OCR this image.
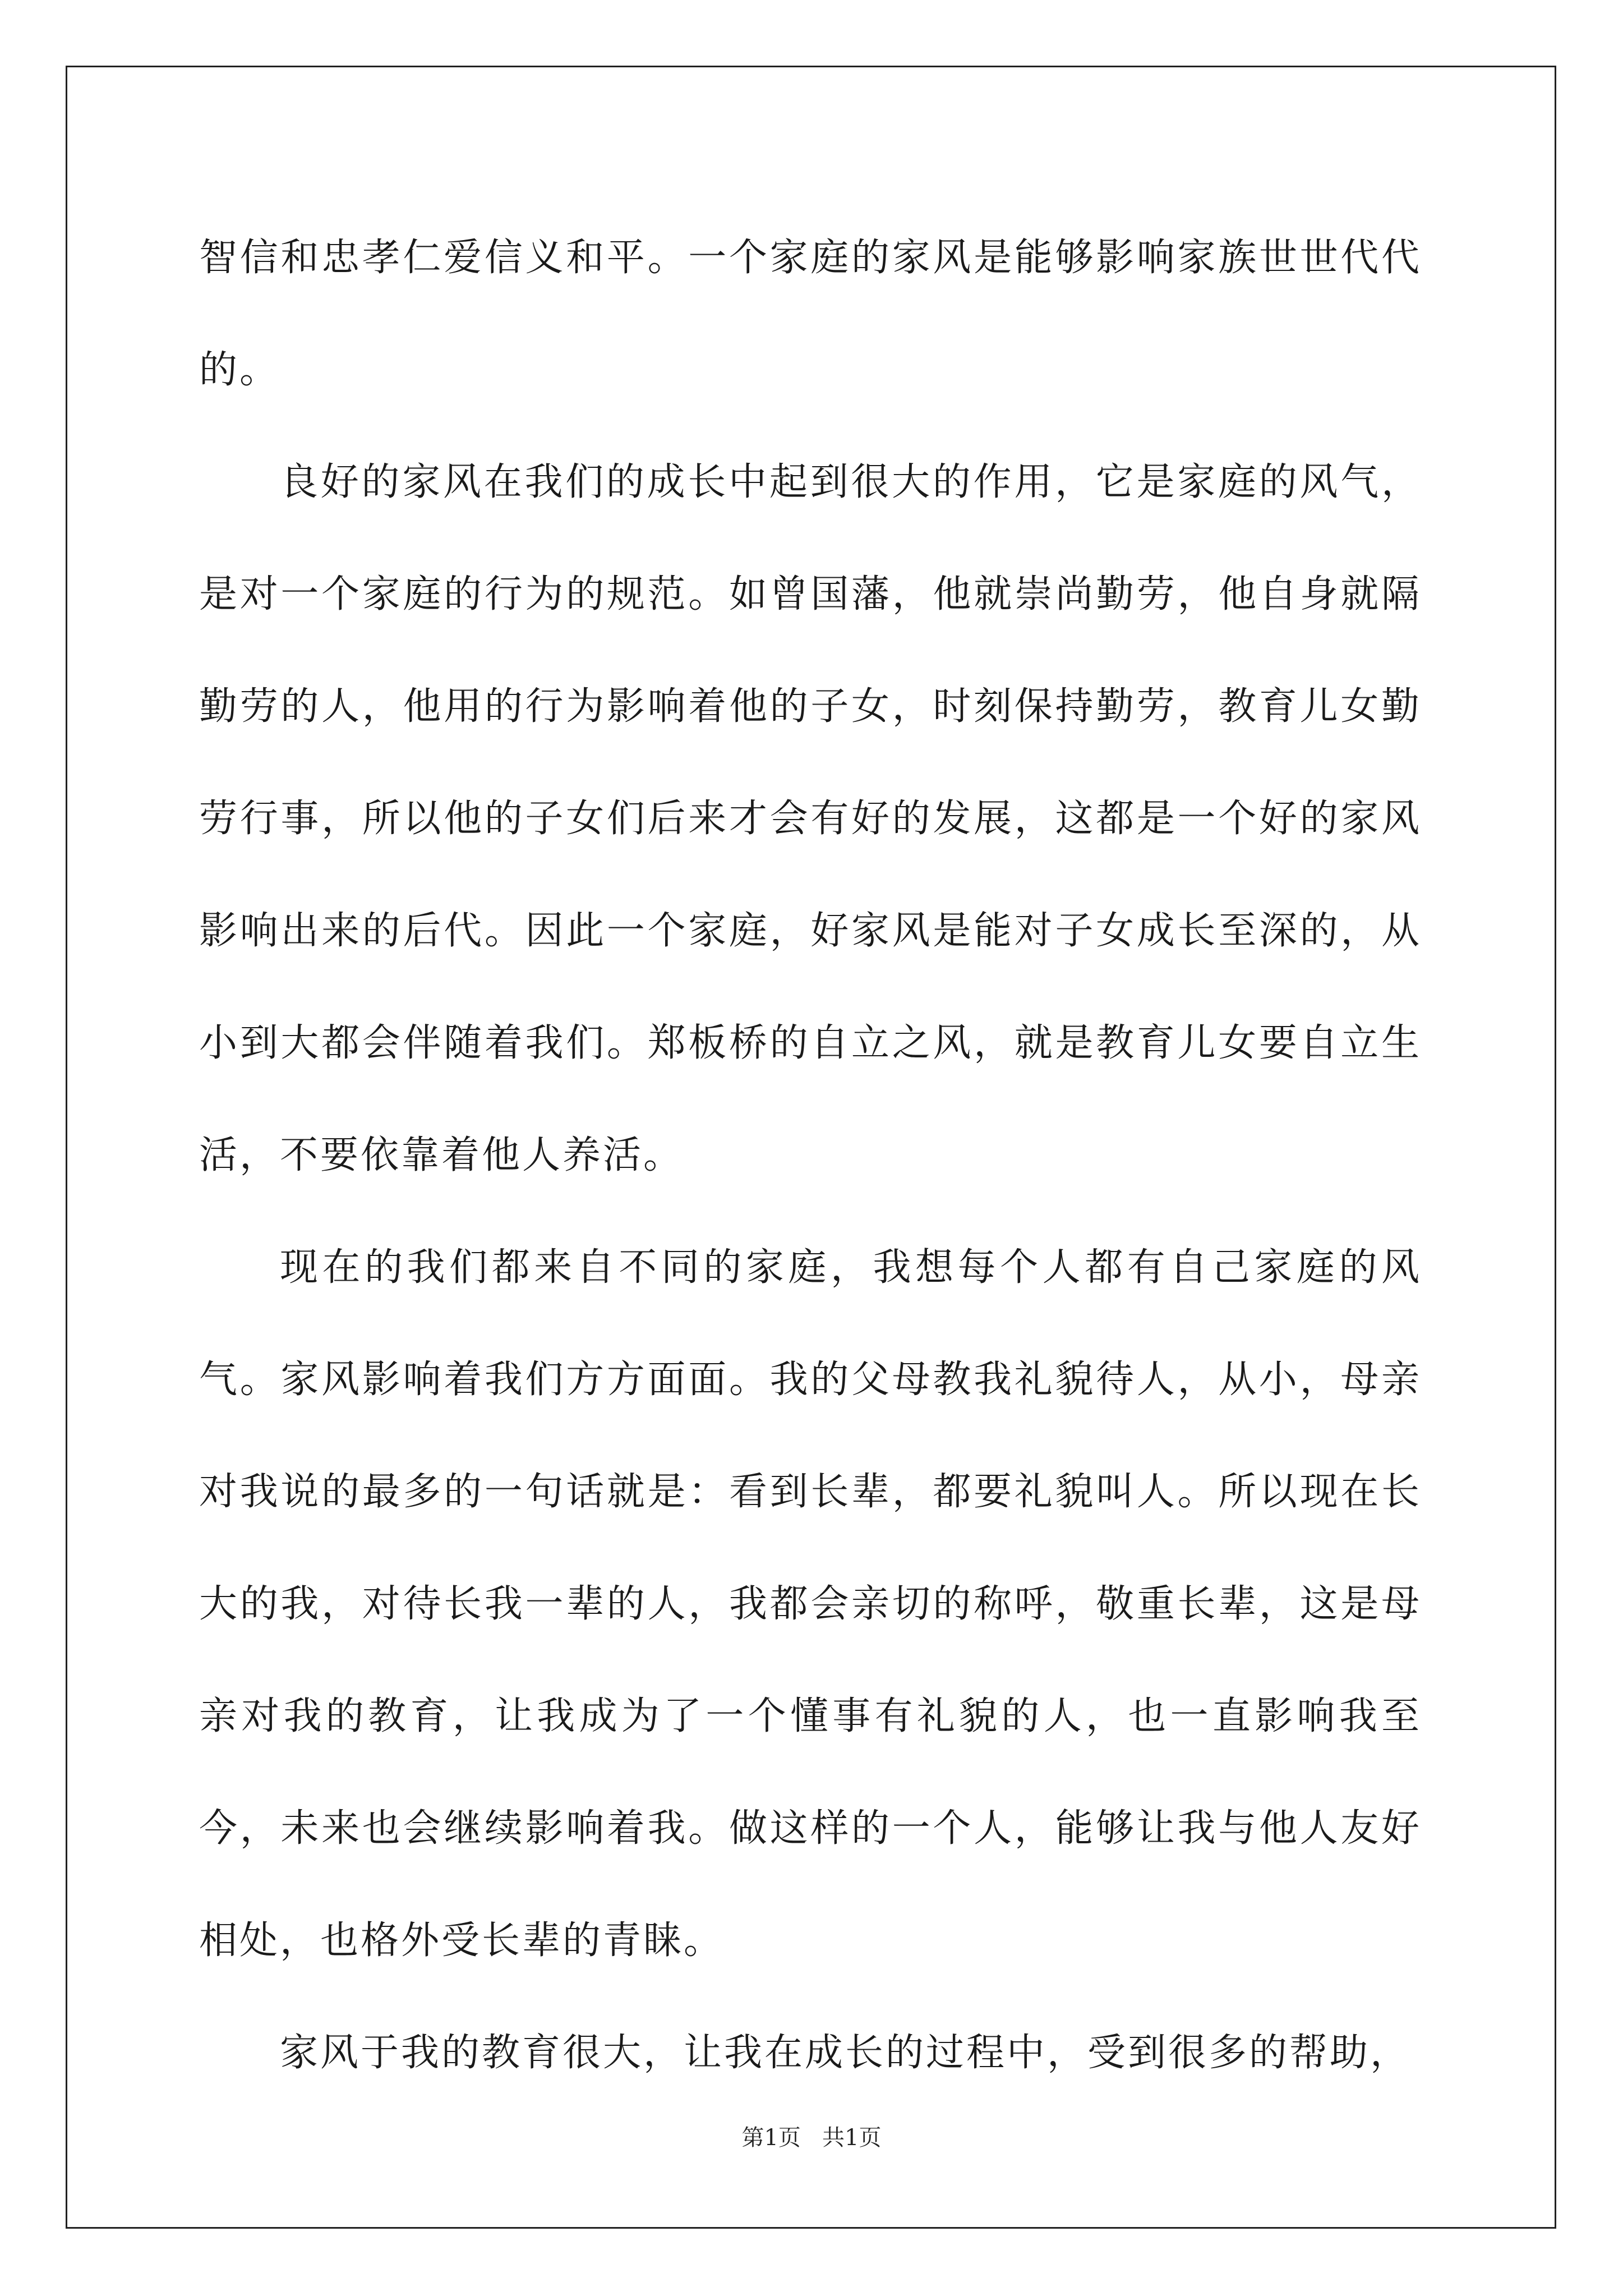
智信和忠孝仁爱信义和平。一个家庭的家风是能够影响家族世世代代的。

良好的家风在我们的成长中起到很大的作用，它是家庭的风气，是对一个家庭的行为的规范。如曾国藩，他就崇尚勤劳，他自身就隔勤劳的人，他用的行为影响着他的子女，时刻保持勤劳，教育儿女勤劳行事，所以他的子女们后来才会有好的发展，这都是一个好的家风影响出来的后代。因此一个家庭，好家风是能对子女成长至深的，从小到大都会伴随着我们。郑板桥的自立之风，就是教育儿女要自立生活，不要依靠着他人养活。

现在的我们都来自不同的家庭，我想每个人都有自己家庭的风气。家风影响着我们方方面面。我的父母教我礼貌待人，从小，母亲对我说的最多的一句话就是：看到长辈，都要礼貌叫人。所以现在长大的我，对待长我一辈的人，我都会亲切的称呼，敬重长辈，这是母亲对我的教育，让我成为了一个懂事有礼貌的人，也一直影响我至今，未来也会继续影响着我。做这样的一个人，能够让我与他人友好相处，也格外受长辈的青睐。

家风于我的教育很大，让我在成长的过程中，受到很多的帮助，

第1页   共1页
